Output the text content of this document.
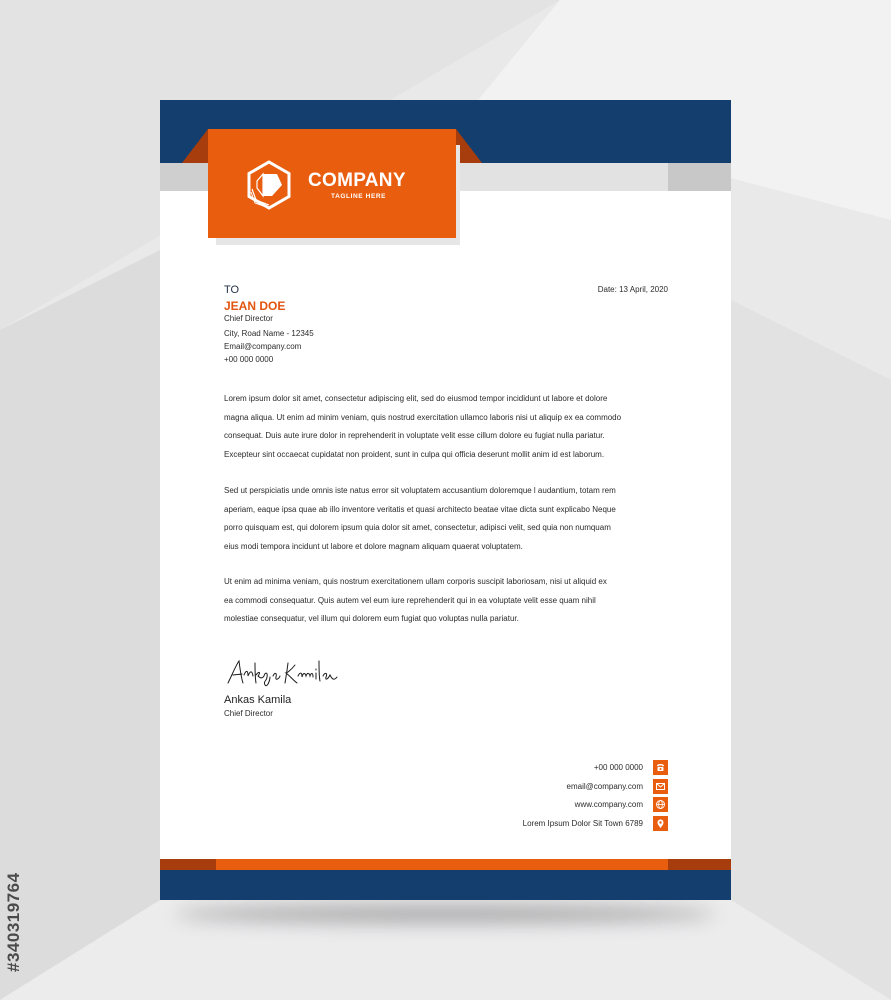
COMPANY
TAGLINE HERE
TO	Date: 13 April, 2020
JEAN DOE
Chief Director
City, Road Name - 12345
Email@company.com
+00 000 0000

Lorem ipsum dolor sit amet, consectetur adipiscing elit, sed do eiusmod tempor incididunt ut labore et dolore
magna aliqua. Ut enim ad minim veniam, quis nostrud exercitation ullamco laboris nisi ut aliquip ex ea commodo
consequat. Duis aute irure dolor in reprehenderit in voluptate velit esse cillum dolore eu fugiat nulla pariatur.
Excepteur sint occaecat cupidatat non proident, sunt in culpa qui officia deserunt mollit anim id est laborum.

Sed ut perspiciatis unde omnis iste natus error sit voluptatem accusantium doloremque l audantium, totam rem
aperiam, eaque ipsa quae ab illo inventore veritatis et quasi architecto beatae vitae dicta sunt explicabo Neque
porro quisquam est, qui dolorem ipsum quia dolor sit amet, consectetur, adipisci velit, sed quia non numquam
eius modi tempora incidunt ut labore et dolore magnam aliquam quaerat voluptatem.

Ut enim ad minima veniam, quis nostrum exercitationem ullam corporis suscipit laboriosam, nisi ut aliquid ex
ea commodi consequatur. Quis autem vel eum iure reprehenderit qui in ea voluptate velit esse quam nihil
molestiae consequatur, vel illum qui dolorem eum fugiat quo voluptas nulla pariatur.

Ankas Kamila
Chief Director
+00 000 0000
email@company.com
www.company.com
Lorem Ipsum Dolor Sit Town 6789
#340319764
